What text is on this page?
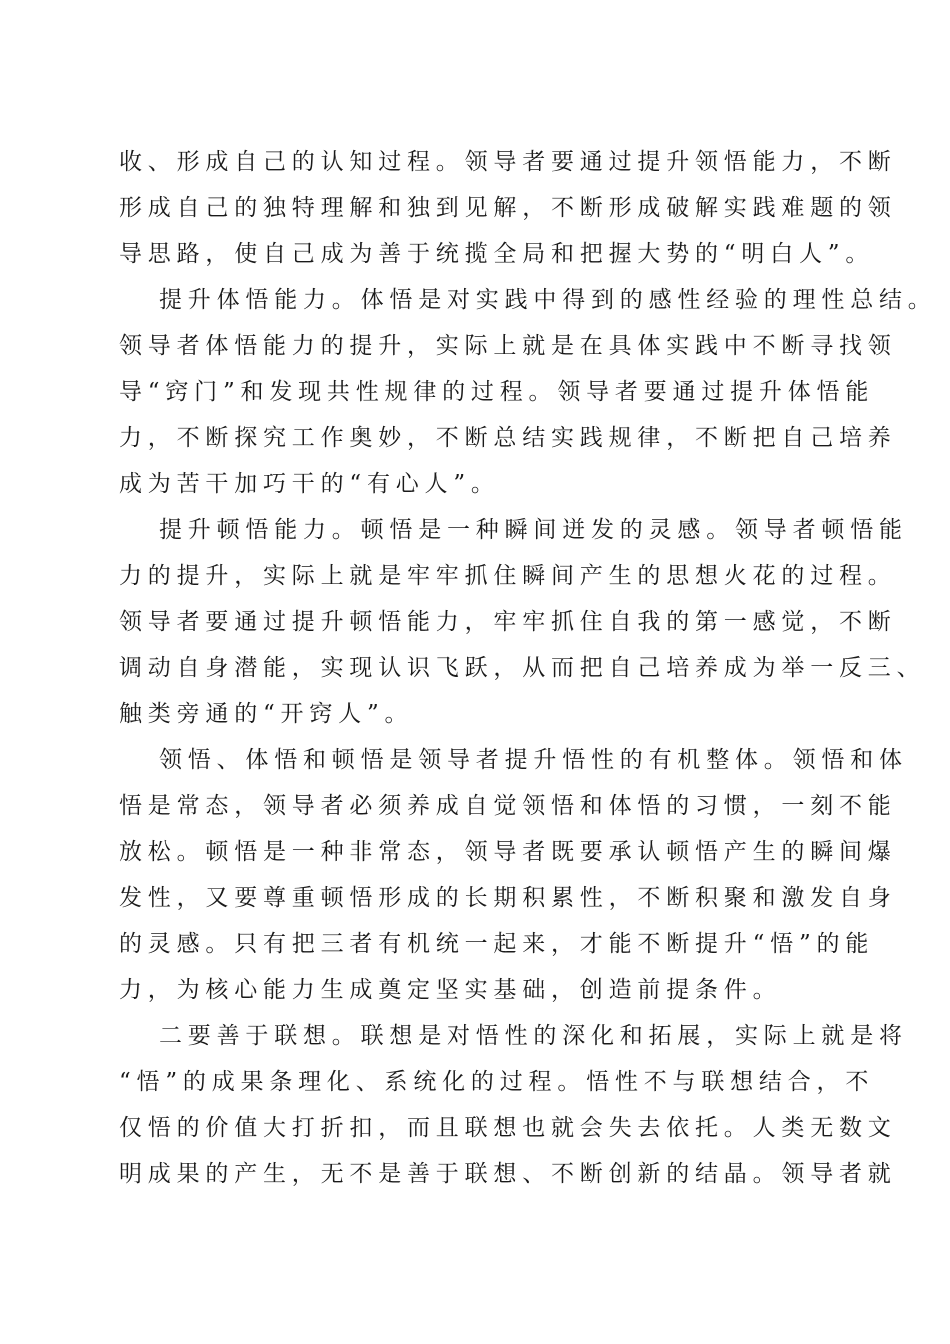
收、形成自己的认知过程。领导者要通过提升领悟能力，不断
形成自己的独特理解和独到见解，不断形成破解实践难题的领
导思路，使自己成为善于统揽全局和把握大势的“明白人”。
提升体悟能力。体悟是对实践中得到的感性经验的理性总结。
领导者体悟能力的提升，实际上就是在具体实践中不断寻找领
导“窍门”和发现共性规律的过程。领导者要通过提升体悟能
力，不断探究工作奥妙，不断总结实践规律，不断把自己培养
成为苦干加巧干的“有心人”。
提升顿悟能力。顿悟是一种瞬间迸发的灵感。领导者顿悟能
力的提升，实际上就是牢牢抓住瞬间产生的思想火花的过程。
领导者要通过提升顿悟能力，牢牢抓住自我的第一感觉，不断
调动自身潜能，实现认识飞跃，从而把自己培养成为举一反三、
触类旁通的“开窍人”。
领悟、体悟和顿悟是领导者提升悟性的有机整体。领悟和体
悟是常态，领导者必须养成自觉领悟和体悟的习惯，一刻不能
放松。顿悟是一种非常态，领导者既要承认顿悟产生的瞬间爆
发性，又要尊重顿悟形成的长期积累性，不断积聚和激发自身
的灵感。只有把三者有机统一起来，才能不断提升“悟”的能
力，为核心能力生成奠定坚实基础，创造前提条件。
二要善于联想。联想是对悟性的深化和拓展，实际上就是将
“悟”的成果条理化、系统化的过程。悟性不与联想结合，不
仅悟的价值大打折扣，而且联想也就会失去依托。人类无数文
明成果的产生，无不是善于联想、不断创新的结晶。领导者就
